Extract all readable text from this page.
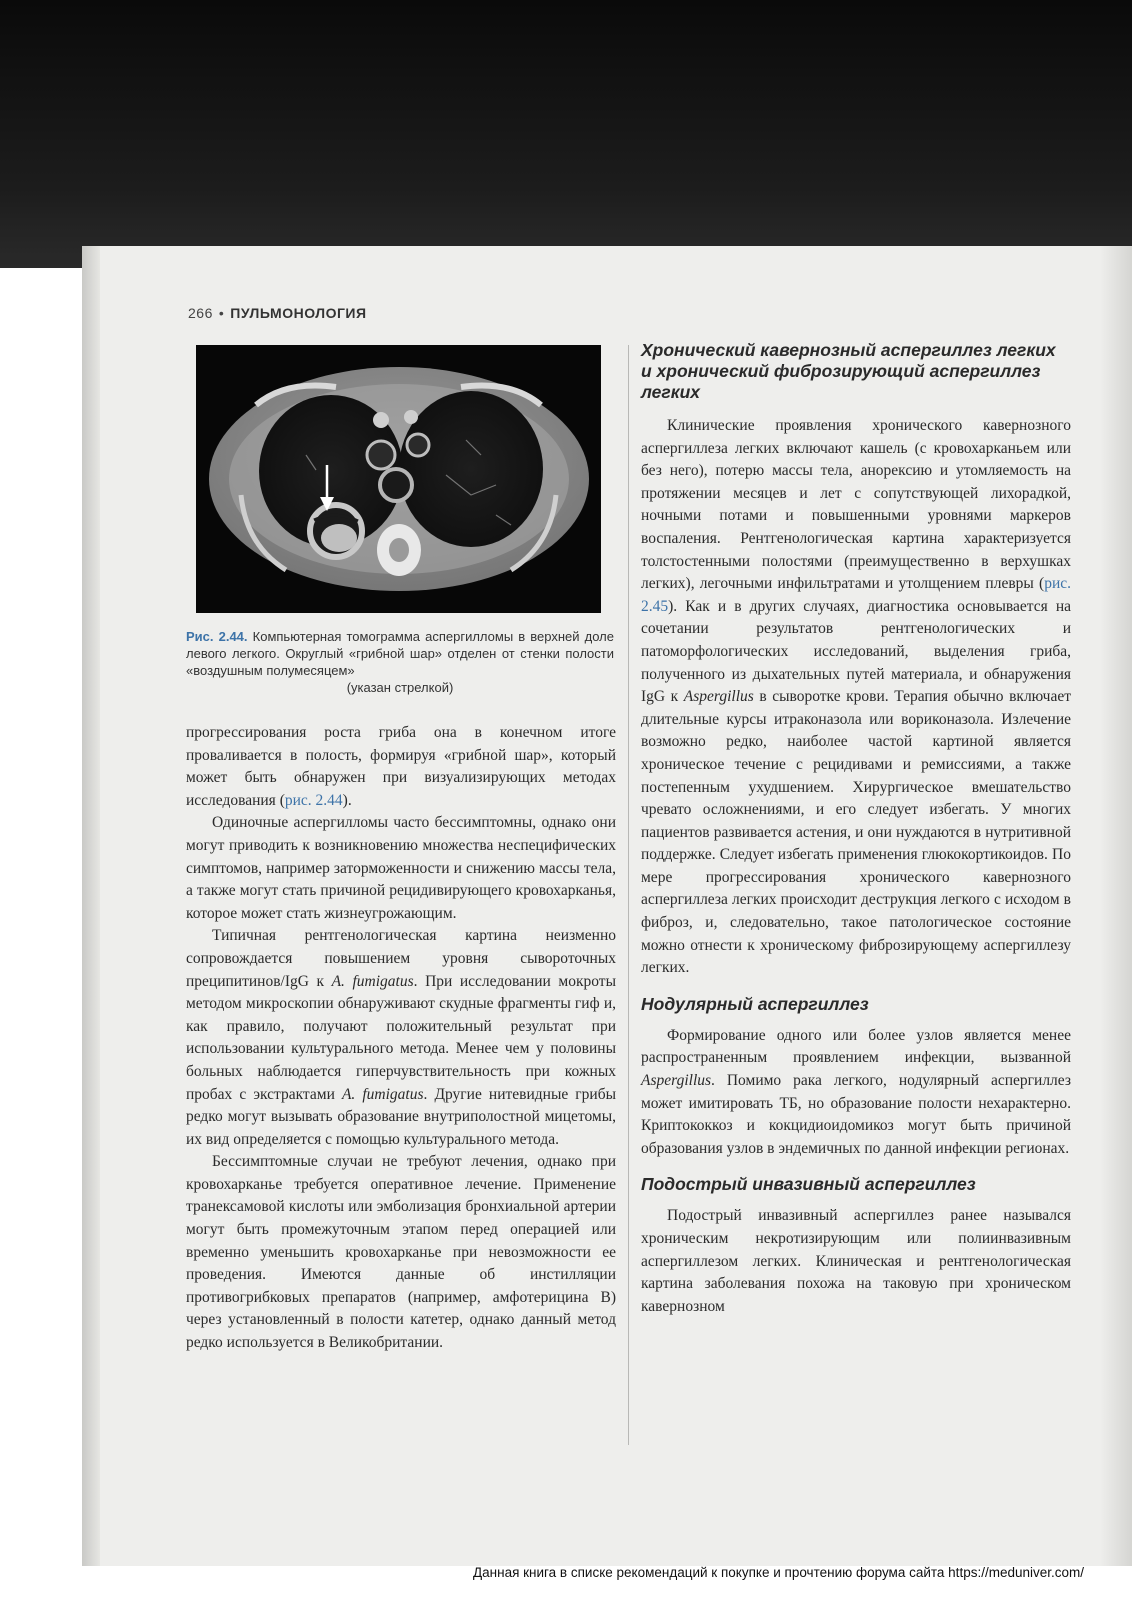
266 • ПУЛЬМОНОЛОГИЯ
Рис. 2.44. Компьютерная томограмма аспергилломы в верхней доле левого легкого. Округлый «грибной шар» отделен от стенки полости «воздушным полумесяцем»
(указан стрелкой)

прогрессирования роста гриба она в конечном итоге проваливается в полость, формируя «грибной шар», который может быть обнаружен при визуализирующих методах исследования (рис. 2.44).

Одиночные аспергилломы часто бессимптомны, однако они могут приводить к возникновению множества неспецифических симптомов, например заторможенности и снижению массы тела, а также могут стать причиной рецидивирующего кровохарканья, которое может стать жизнеугрожающим.

Типичная рентгенологическая картина неизменно сопровождается повышением уровня сывороточных преципитинов/IgG к A. fumigatus. При исследовании мокроты методом микроскопии обнаруживают скудные фрагменты гиф и, как правило, получают положительный результат при использовании культурального метода. Менее чем у половины больных наблюдается гиперчувствительность при кожных пробах с экстрактами A. fumigatus. Другие нитевидные грибы редко могут вызывать образование внутриполостной мицетомы, их вид определяется с помощью культурального метода.

Бессимптомные случаи не требуют лечения, однако при кровохарканье требуется оперативное лечение. Применение транексамовой кислоты или эмболизация бронхиальной артерии могут быть промежуточным этапом перед операцией или временно уменьшить кровохарканье при невозможности ее проведения. Имеются данные об инстилляции противогрибковых препаратов (например, амфотерицина B) через установленный в полости катетер, однако данный метод редко используется в Великобритании.

Хронический кавернозный аспергиллез легких и хронический фиброзирующий аспергиллез легких

Клинические проявления хронического кавернозного аспергиллеза легких включают кашель (с кровохарканьем или без него), потерю массы тела, анорексию и утомляемость на протяжении месяцев и лет с сопутствующей лихорадкой, ночными потами и повышенными уровнями маркеров воспаления. Рентгенологическая картина характеризуется толстостенными полостями (преимущественно в верхушках легких), легочными инфильтратами и утолщением плевры (рис. 2.45). Как и в других случаях, диагностика основывается на сочетании результатов рентгенологических и патоморфологических исследований, выделения гриба, полученного из дыхательных путей материала, и обнаружения IgG к Aspergillus в сыворотке крови. Терапия обычно включает длительные курсы итраконазола или вориконазола. Излечение возможно редко, наиболее частой картиной является хроническое течение с рецидивами и ремиссиями, а также постепенным ухудшением. Хирургическое вмешательство чревато осложнениями, и его следует избегать. У многих пациентов развивается астения, и они нуждаются в нутритивной поддержке. Следует избегать применения глюкокортикоидов. По мере прогрессирования хронического кавернозного аспергиллеза легких происходит деструкция легкого с исходом в фиброз, и, следовательно, такое патологическое состояние можно отнести к хроническому фиброзирующему аспергиллезу легких.

Нодулярный аспергиллез

Формирование одного или более узлов является менее распространенным проявлением инфекции, вызванной Aspergillus. Помимо рака легкого, нодулярный аспергиллез может имитировать ТБ, но образование полости нехарактерно. Криптококкоз и кокцидиоидомикоз могут быть причиной образования узлов в эндемичных по данной инфекции регионах.

Подострый инвазивный аспергиллез

Подострый инвазивный аспергиллез ранее назывался хроническим некротизирующим или полиинвазивным аспергиллезом легких. Клиническая и рентгенологическая картина заболевания похожа на таковую при хроническом кавернозном

Данная книга в списке рекомендаций к покупке и прочтению форума сайта https://meduniver.com/
